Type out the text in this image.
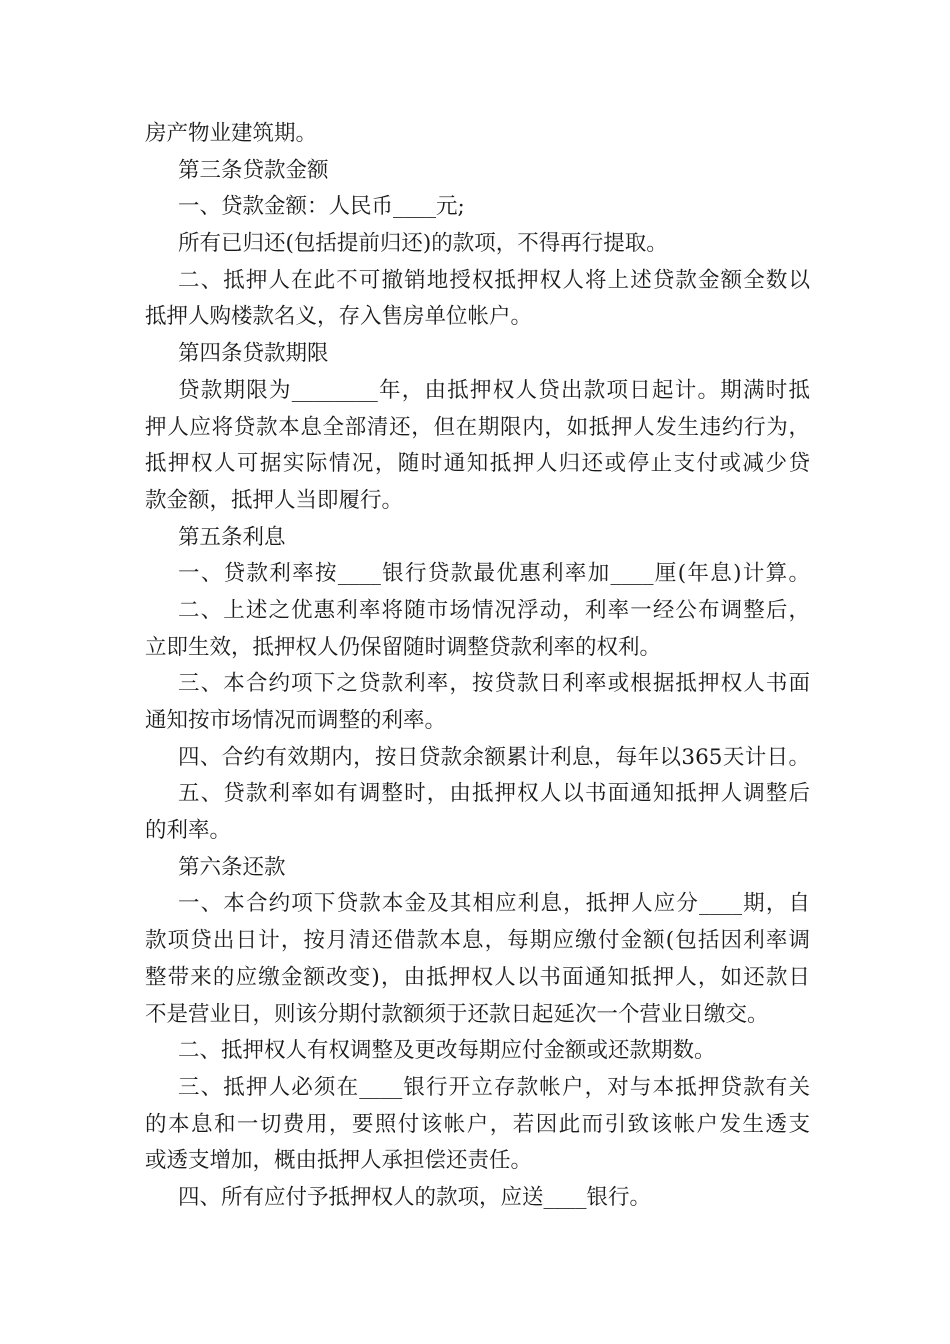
房产物业建筑期。
第三条贷款金额
一、贷款金额：人民币____元;
所有已归还(包括提前归还)的款项，不得再行提取。
二、抵押人在此不可撤销地授权抵押权人将上述贷款金额全数以
抵押人购楼款名义，存入售房单位帐户。
第四条贷款期限
贷款期限为________年，由抵押权人贷出款项日起计。期满时抵
押人应将贷款本息全部清还，但在期限内，如抵押人发生违约行为，
抵押权人可据实际情况，随时通知抵押人归还或停止支付或减少贷
款金额，抵押人当即履行。
第五条利息
一、贷款利率按____银行贷款最优惠利率加____厘(年息)计算。
二、上述之优惠利率将随市场情况浮动，利率一经公布调整后，
立即生效，抵押权人仍保留随时调整贷款利率的权利。
三、本合约项下之贷款利率，按贷款日利率或根据抵押权人书面
通知按市场情况而调整的利率。
四、合约有效期内，按日贷款余额累计利息，每年以365天计日。
五、贷款利率如有调整时，由抵押权人以书面通知抵押人调整后
的利率。
第六条还款
一、本合约项下贷款本金及其相应利息，抵押人应分____期，自
款项贷出日计，按月清还借款本息，每期应缴付金额(包括因利率调
整带来的应缴金额改变)，由抵押权人以书面通知抵押人，如还款日
不是营业日，则该分期付款额须于还款日起延次一个营业日缴交。
二、抵押权人有权调整及更改每期应付金额或还款期数。
三、抵押人必须在____银行开立存款帐户，对与本抵押贷款有关
的本息和一切费用，要照付该帐户，若因此而引致该帐户发生透支
或透支增加，概由抵押人承担偿还责任。
四、所有应付予抵押权人的款项，应送____银行。
